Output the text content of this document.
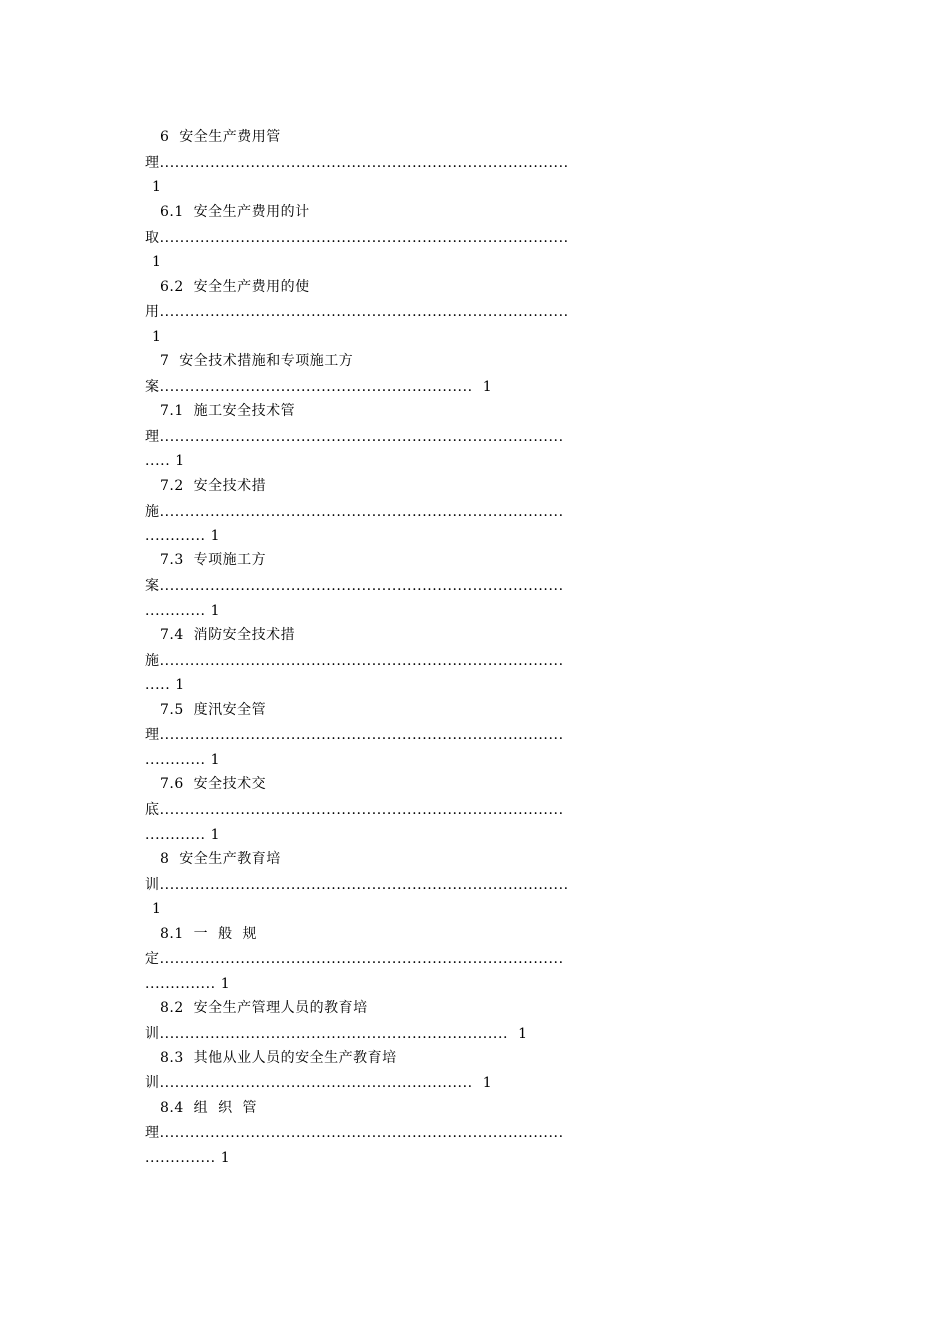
6  安全生产费用管
理.................................................................................
1
6.1  安全生产费用的计
取.................................................................................
1
6.2  安全生产费用的使
用.................................................................................
1
7  安全技术措施和专项施工方
案..............................................................  1
7.1  施工安全技术管
理................................................................................
..... 1
7.2  安全技术措
施................................................................................
............ 1
7.3  专项施工方
案................................................................................
............ 1
7.4  消防安全技术措
施................................................................................
..... 1
7.5  度汛安全管
理................................................................................
............ 1
7.6  安全技术交
底................................................................................
............ 1
8  安全生产教育培
训.................................................................................
1
8.1  一  般  规
定................................................................................
.............. 1
8.2  安全生产管理人员的教育培
训.....................................................................  1
8.3  其他从业人员的安全生产教育培
训..............................................................  1
8.4  组  织  管
理................................................................................
.............. 1
